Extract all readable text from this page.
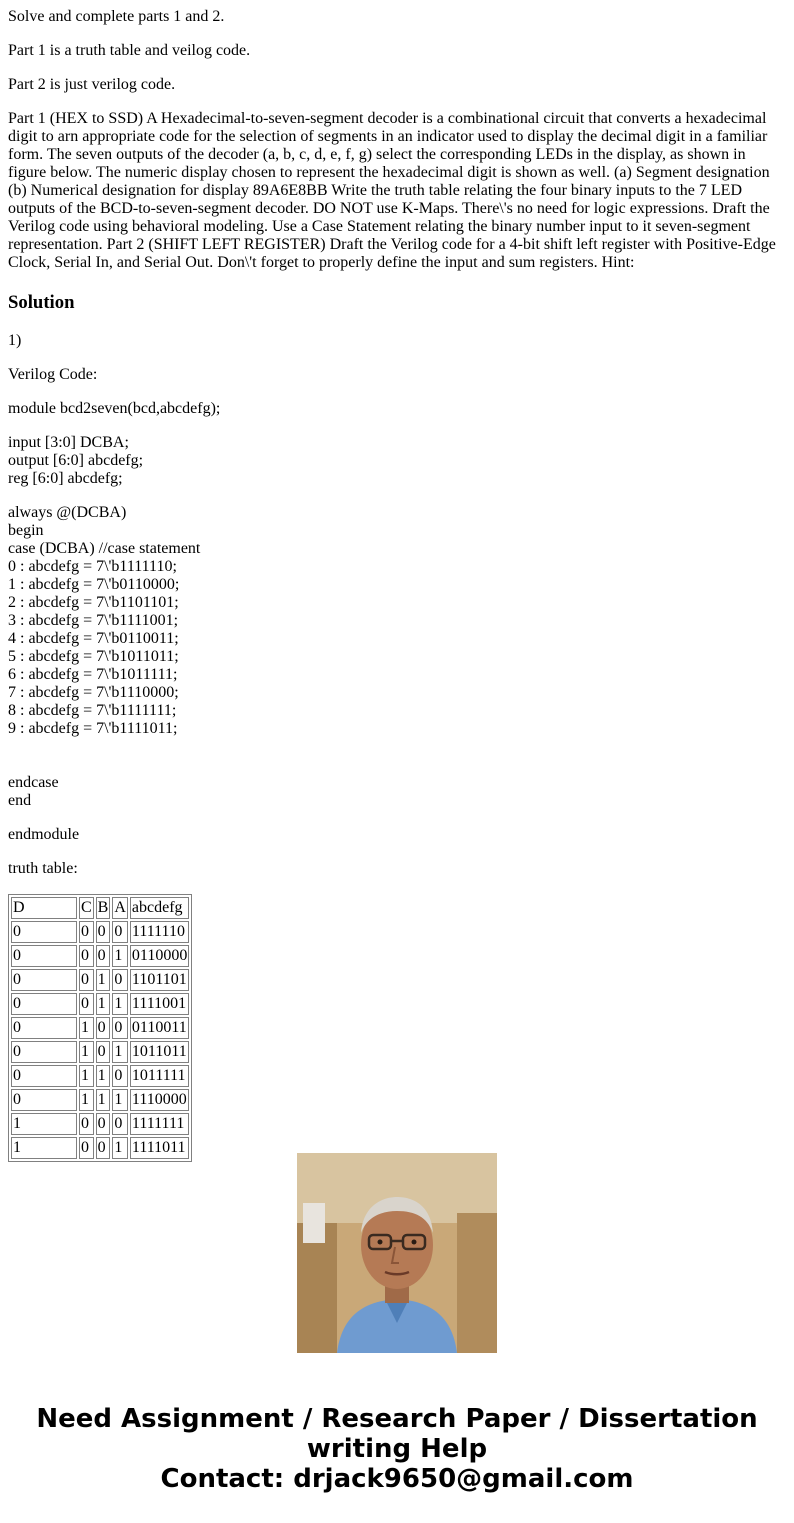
Solve and complete parts 1 and 2.

Part 1 is a truth table and veilog code.

Part 2 is just verilog code.

Part 1 (HEX to SSD) A Hexadecimal-to-seven-segment decoder is a combinational circuit that converts a hexadecimal digit to arn appropriate code for the selection of segments in an indicator used to display the decimal digit in a familiar form. The seven outputs of the decoder (a, b, c, d, e, f, g) select the corresponding LEDs in the display, as shown in figure below. The numeric display chosen to represent the hexadecimal digit is shown as well. (a) Segment designation (b) Numerical designation for display 89A6E8BB Write the truth table relating the four binary inputs to the 7 LED outputs of the BCD-to-seven-segment decoder. DO NOT use K-Maps. There\'s no need for logic expressions. Draft the Verilog code using behavioral modeling. Use a Case Statement relating the binary number input to it seven-segment representation. Part 2 (SHIFT LEFT REGISTER) Draft the Verilog code for a 4-bit shift left register with Positive-Edge Clock, Serial In, and Serial Out. Don\'t forget to properly define the input and sum registers. Hint:

Solution

1)

Verilog Code:

module bcd2seven(bcd,abcdefg);

input [3:0] DCBA;
output [6:0] abcdefg;
reg [6:0] abcdefg;

always @(DCBA)
begin
case (DCBA) //case statement
0 : abcdefg = 7\'b1111110;
1 : abcdefg = 7\'b0110000;
2 : abcdefg = 7\'b1101101;
3 : abcdefg = 7\'b1111001;
4 : abcdefg = 7\'b0110011;
5 : abcdefg = 7\'b1011011;
6 : abcdefg = 7\'b1011111;
7 : abcdefg = 7\'b1110000;
8 : abcdefg = 7\'b1111111;
9 : abcdefg = 7\'b1111011;
endcase
end

endmodule

truth table:

D	C	B	A	abcdefg
0	0	0	0	1111110
0	0	0	1	0110000
0	0	1	0	1101101
0	0	1	1	1111001
0	1	0	0	0110011
0	1	0	1	1011011
0	1	1	0	1011111
0	1	1	1	1110000
1	0	0	0	1111111
1	0	0	1	1111011
Need Assignment / Research Paper / Dissertation
writing Help
Contact: drjack9650@gmail.com
